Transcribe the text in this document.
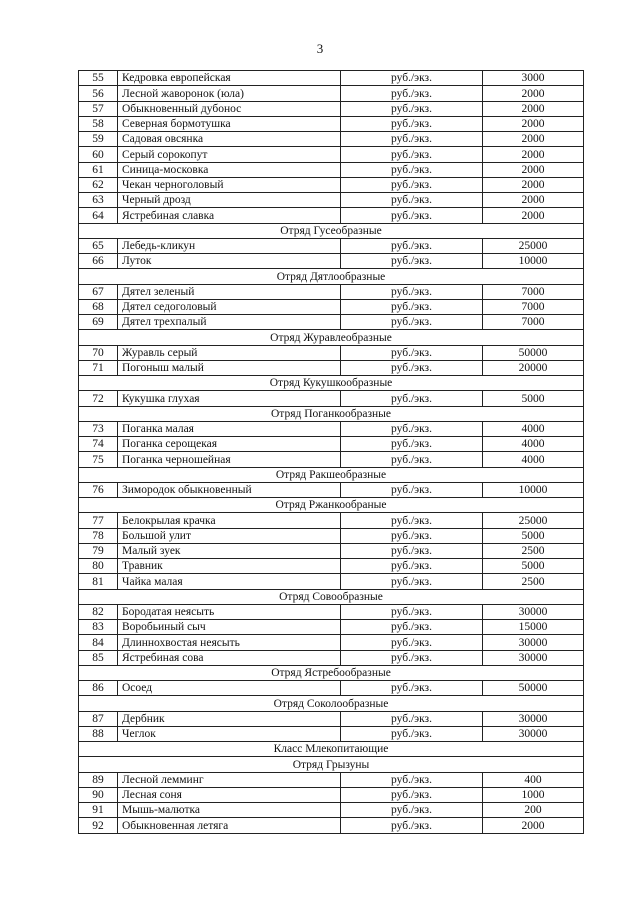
3
55	Кедровка европейская	руб./экз.	3000
56	Лесной жаворонок (юла)	руб./экз.	2000
57	Обыкновенный дубонос	руб./экз.	2000
58	Северная бормотушка	руб./экз.	2000
59	Садовая овсянка	руб./экз.	2000
60	Серый сорокопут	руб./экз.	2000
61	Синица-московка	руб./экз.	2000
62	Чекан черноголовый	руб./экз.	2000
63	Черный дрозд	руб./экз.	2000
64	Ястребиная славка	руб./экз.	2000
Отряд Гусеобразные			
65	Лебедь-кликун	руб./экз.	25000
66	Луток	руб./экз.	10000
Отряд Дятлообразные			
67	Дятел зеленый	руб./экз.	7000
68	Дятел седоголовый	руб./экз.	7000
69	Дятел трехпалый	руб./экз.	7000
Отряд Журавлеобразные			
70	Журавль серый	руб./экз.	50000
71	Погоныш малый	руб./экз.	20000
Отряд Кукушкообразные			
72	Кукушка глухая	руб./экз.	5000
Отряд Поганкообразные			
73	Поганка малая	руб./экз.	4000
74	Поганка серощекая	руб./экз.	4000
75	Поганка черношейная	руб./экз.	4000
Отряд Ракшеобразные			
76	Зимородок обыкновенный	руб./экз.	10000
Отряд Ржанкообраные			
77	Белокрылая крачка	руб./экз.	25000
78	Большой улит	руб./экз.	5000
79	Малый зуек	руб./экз.	2500
80	Травник	руб./экз.	5000
81	Чайка малая	руб./экз.	2500
Отряд Совообразные			
82	Бородатая неясыть	руб./экз.	30000
83	Воробьиный сыч	руб./экз.	15000
84	Длиннохвостая неясыть	руб./экз.	30000
85	Ястребиная сова	руб./экз.	30000
Отряд Ястребообразные			
86	Осоед	руб./экз.	50000
Отряд Соколообразные			
87	Дербник	руб./экз.	30000
88	Чеглок	руб./экз.	30000
Класс Млекопитающие			
Отряд Грызуны			
89	Лесной лемминг	руб./экз.	400
90	Лесная соня	руб./экз.	1000
91	Мышь-малютка	руб./экз.	200
92	Обыкновенная летяга	руб./экз.	2000
